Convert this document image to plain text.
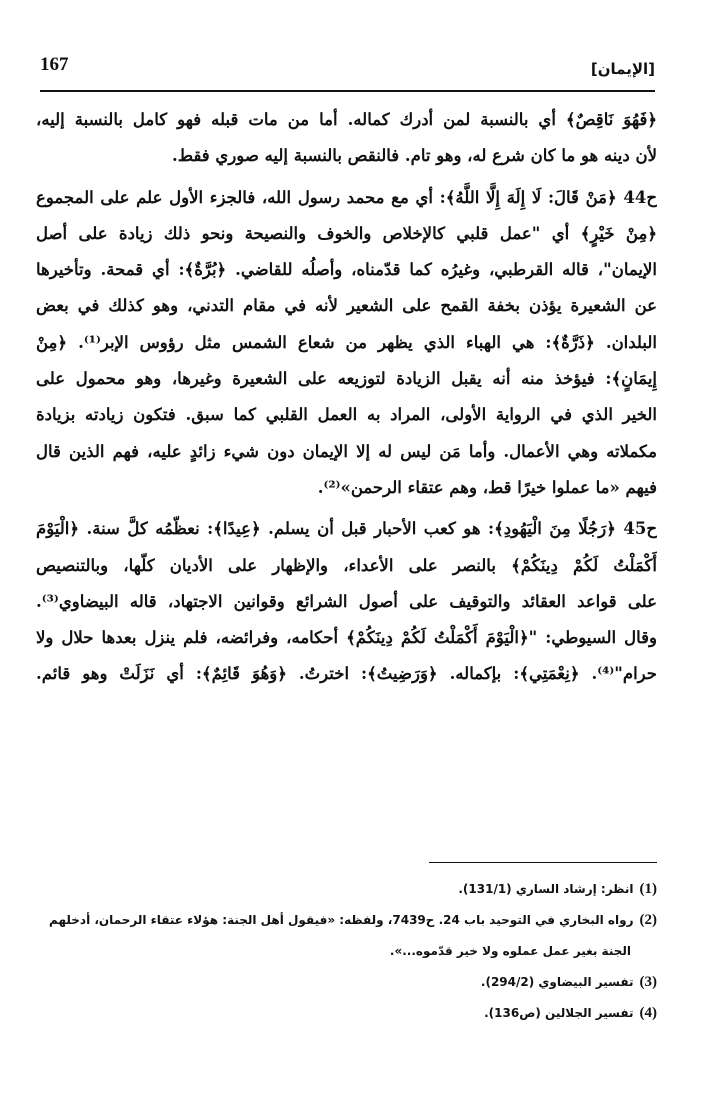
167	[الإيمان]
﴿فَهُوَ نَاقِصٌ﴾ أي بالنسبة لمن أدرك كماله. أما من مات قبله فهو كامل بالنسبة إليه،
لأن دينه هو ما كان شرع له، وهو تام. فالنقص بالنسبة إليه صوري فقط.
ح44 ﴿مَنْ قَالَ: لَا إِلَهَ إِلَّا اللَّهُ﴾: أي مع محمد رسول الله، فالجزء الأول علم على المجموع
﴿مِنْ خَيْرٍ﴾ أي "عمل قلبي كالإخلاص والخوف والنصيحة ونحو ذلك زيادة على أصل
الإيمان"، قاله القرطبي، وغيرُه كما قدّمناه، وأصلُه للقاضي. ﴿بُرَّةٌ﴾: أي قمحة. وتأخيرها
عن الشعيرة يؤذن بخفة القمح على الشعير لأنه في مقام التدني، وهو كذلك في بعض
البلدان. ﴿ذَرَّةٌ﴾: هي الهباء الذي يظهر من شعاع الشمس مثل رؤوس الإبر⁽¹⁾. ﴿مِنْ
إِيمَانٍ﴾: فيؤخذ منه أنه يقبل الزيادة لتوزيعه على الشعيرة وغيرها، وهو محمول على
الخير الذي في الرواية الأولى، المراد به العمل القلبي كما سبق. فتكون زيادته بزيادة
مكملاته وهي الأعمال. وأما مَن ليس له إلا الإيمان دون شيء زائدٍ عليه، فهم الذين قال
فيهم «ما عملوا خيرًا قط، وهم عتقاء الرحمن»⁽²⁾.
ح45 ﴿رَجُلًا مِنَ الْيَهُودِ﴾: هو كعب الأحبار قبل أن يسلم. ﴿عِيدًا﴾: نعظّمُه كلَّ سنة. ﴿الْيَوْمَ
أَكْمَلْتُ لَكُمْ دِينَكُمْ﴾ بالنصر على الأعداء، والإظهار على الأديان كلّها، وبالتنصيص
على قواعد العقائد والتوقيف على أصول الشرائع وقوانين الاجتهاد، قاله البيضاوي⁽³⁾.
وقال السيوطي: "﴿الْيَوْمَ أَكْمَلْتُ لَكُمْ دِينَكُمْ﴾ أحكامه، وفرائضه، فلم ينزل بعدها حلال ولا
حرام"⁽⁴⁾. ﴿نِعْمَتِي﴾: بإكماله. ﴿وَرَضِيتُ﴾: اخترتُ. ﴿وَهُوَ قَائِمٌ﴾: أي نَزَلَتْ وهو قائم.
(1)انظر: إرشاد الساري (131/1).
(2)رواه البخاري في التوحيد باب 24. ح7439، ولفظه: «فيقول أهل الجنة: هؤلاء عتقاء الرحمان، أدخلهم
الجنة بغير عمل عملوه ولا خير قدّموه...».
(3)تفسير البيضاوي (294/2).
(4)تفسير الجلالين (ص136).
